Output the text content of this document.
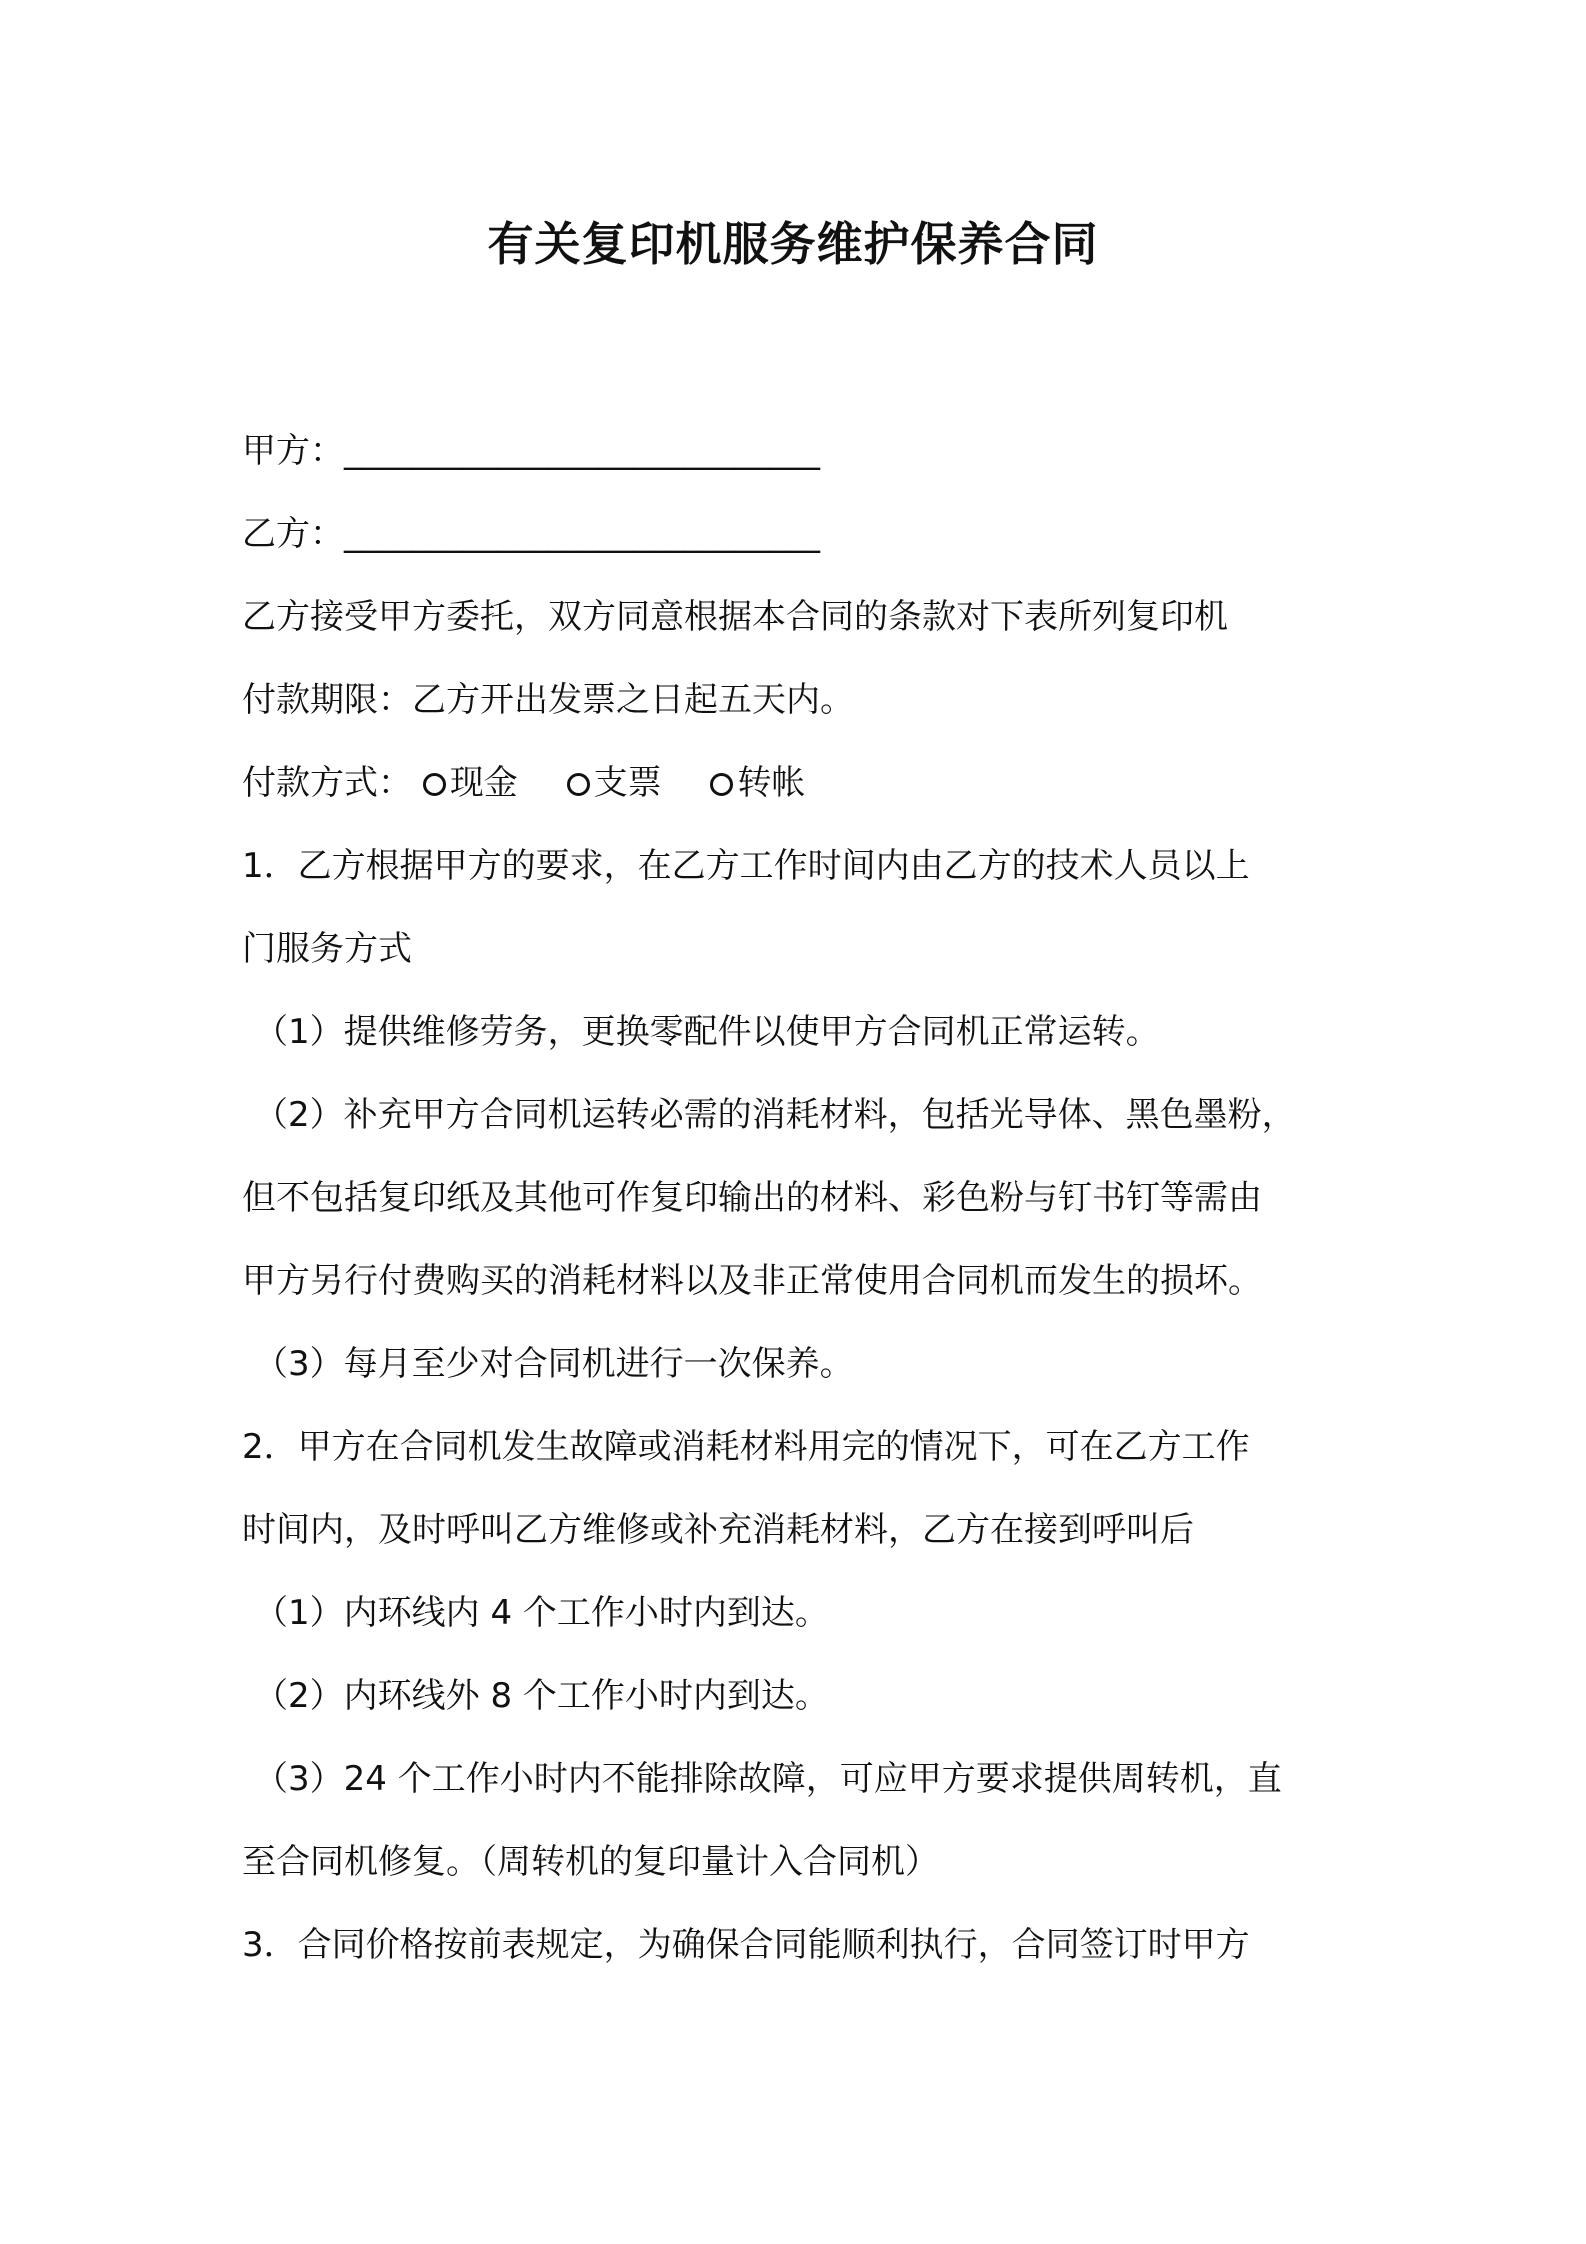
有关复印机服务维护保养合同
甲方：____________________________
乙方：____________________________
乙方接受甲方委托，双方同意根据本合同的条款对下表所列复印机
付款期限：乙方开出发票之日起五天内。
付款方式： 现金 支票 转帐
1．乙方根据甲方的要求，在乙方工作时间内由乙方的技术人员以上
门服务方式
（1）提供维修劳务，更换零配件以使甲方合同机正常运转。
（2）补充甲方合同机运转必需的消耗材料，包括光导体、黑色墨粉，
但不包括复印纸及其他可作复印输出的材料、彩色粉与钉书钉等需由
甲方另行付费购买的消耗材料以及非正常使用合同机而发生的损坏。
（3）每月至少对合同机进行一次保养。
2．甲方在合同机发生故障或消耗材料用完的情况下，可在乙方工作
时间内，及时呼叫乙方维修或补充消耗材料，乙方在接到呼叫后
（1）内环线内 4 个工作小时内到达。
（2）内环线外 8 个工作小时内到达。
（3）24 个工作小时内不能排除故障，可应甲方要求提供周转机，直
至合同机修复。（周转机的复印量计入合同机）
3．合同价格按前表规定，为确保合同能顺利执行，合同签订时甲方
